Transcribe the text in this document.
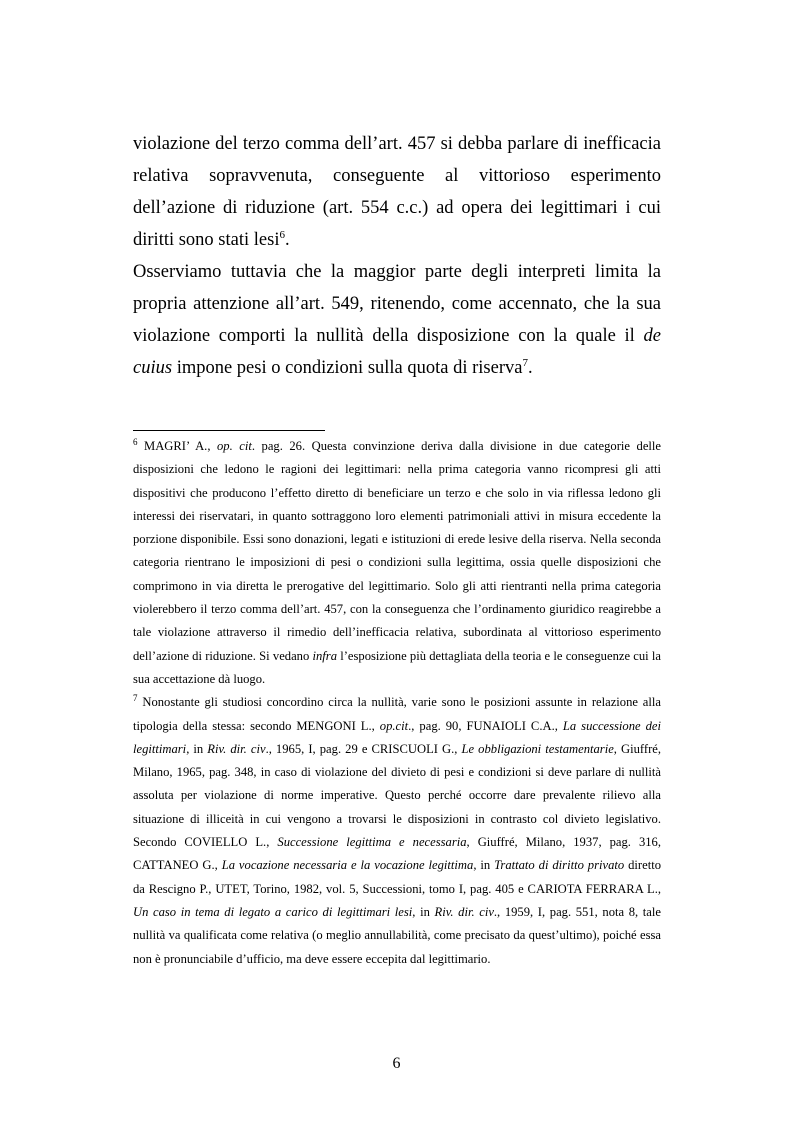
violazione del terzo comma dell’art. 457 si debba parlare di inefficacia relativa sopravvenuta, conseguente al vittorioso esperimento dell’azione di riduzione (art. 554 c.c.) ad opera dei legittimari i cui diritti sono stati lesi$^6$.

Osserviamo tuttavia che la maggior parte degli interpreti limita la propria attenzione all’art. 549, ritenendo, come accennato, che la sua violazione comporti la nullità della disposizione con la quale il de cuius impone pesi o condizioni sulla quota di riserva$^7$.

$^6$ MAGRI’ A., op. cit. pag. 26. Questa convinzione deriva dalla divisione in due categorie delle disposizioni che ledono le ragioni dei legittimari: nella prima categoria vanno ricompresi gli atti dispositivi che producono l’effetto diretto di beneficiare un terzo e che solo in via riflessa ledono gli interessi dei riservatari, in quanto sottraggono loro elementi patrimoniali attivi in misura eccedente la porzione disponibile. Essi sono donazioni, legati e istituzioni di erede lesive della riserva. Nella seconda categoria rientrano le imposizioni di pesi o condizioni sulla legittima, ossia quelle disposizioni che comprimono in via diretta le prerogative del legittimario. Solo gli atti rientranti nella prima categoria violerebbero il terzo comma dell’art. 457, con la conseguenza che l’ordinamento giuridico reagirebbe a tale violazione attraverso il rimedio dell’inefficacia relativa, subordinata al vittorioso esperimento dell’azione di riduzione. Si vedano infra l’esposizione più dettagliata della teoria e le conseguenze cui la sua accettazione dà luogo.

$^7$ Nonostante gli studiosi concordino circa la nullità, varie sono le posizioni assunte in relazione alla tipologia della stessa: secondo MENGONI L., op.cit., pag. 90, FUNAIOLI C.A., La successione dei legittimari, in Riv. dir. civ., 1965, I, pag. 29 e CRISCUOLI G., Le obbligazioni testamentarie, Giuffré, Milano, 1965, pag. 348, in caso di violazione del divieto di pesi e condizioni si deve parlare di nullità assoluta per violazione di norme imperative. Questo perché occorre dare prevalente rilievo alla situazione di illiceità in cui vengono a trovarsi le disposizioni in contrasto col divieto legislativo. Secondo COVIELLO L., Successione legittima e necessaria, Giuffré, Milano, 1937, pag. 316, CATTANEO G., La vocazione necessaria e la vocazione legittima, in Trattato di diritto privato diretto da Rescigno P., UTET, Torino, 1982, vol. 5, Successioni, tomo I, pag. 405 e CARIOTA FERRARA L., Un caso in tema di legato a carico di legittimari lesi, in Riv. dir. civ., 1959, I, pag. 551, nota 8, tale nullità va qualificata come relativa (o meglio annullabilità, come precisato da quest’ultimo), poiché essa non è pronunciabile d’ufficio, ma deve essere eccepita dal legittimario.

6
